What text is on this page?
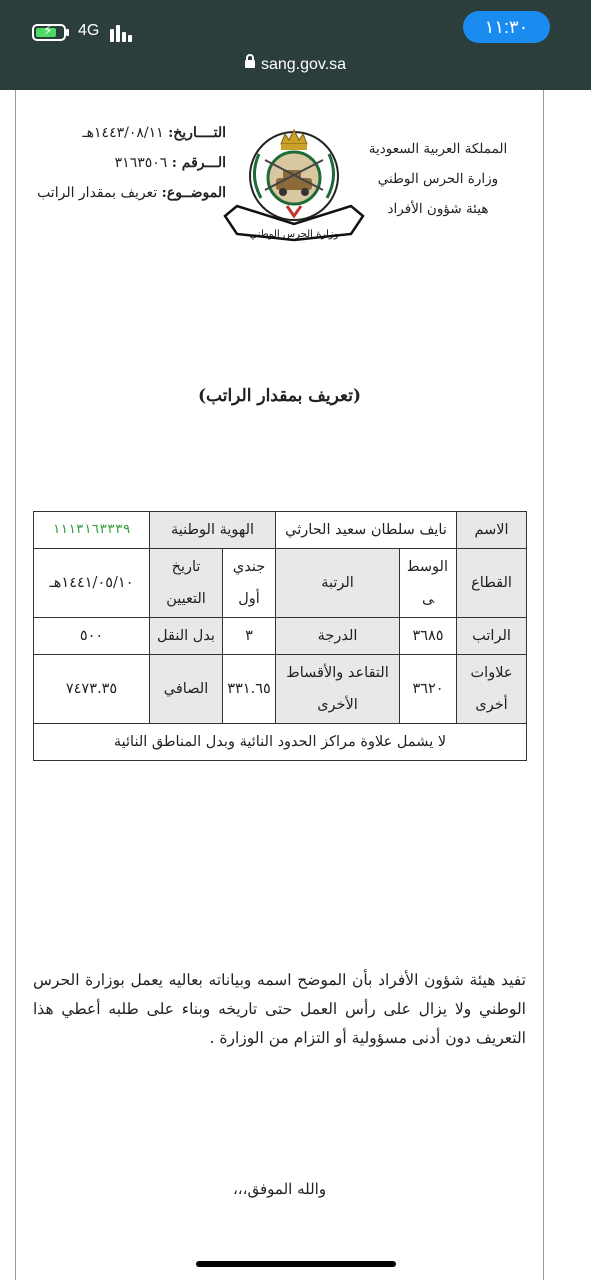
⚡ 4G	١١:٣٠
sang.gov.sa
المملكة العربية السعودية
وزارة الحرس الوطني
هيئة شؤون الأفراد
وزارة الحرس الوطني
التــــاريخ: ١٤٤٣/٠٨/١١هـ
الـــرقم : ٣١٦٣٥٠٦
الموضــوع: تعريف بمقدار الراتب
(تعريف بمقدار الراتب)
الاسم	نايف سلطان سعيد الحارثي		الهوية الوطنية		١١١٣١٦٣٣٣٩
القطاع	الوسطى	الرتبة	جندي أول	تاريخ التعيين	١٤٤١/٠٥/١٠هـ
الراتب	٣٦٨٥	الدرجة	٣	بدل النقل	٥٠٠
علاوات أخرى	٣٦٢٠	التقاعد والأقساط الأخرى	٣٣١.٦٥	الصافي	٧٤٧٣.٣٥
لا يشمل علاوة مراكز الحدود النائية وبدل المناطق النائية					
تفيد هيئة شؤون الأفراد بأن الموضح اسمه وبياناته بعاليه يعمل بوزارة الحرس الوطني ولا يزال على رأس العمل حتى تاريخه وبناء على طلبه أعطي هذا التعريف دون أدنى مسؤولية أو التزام من الوزارة .
والله الموفق،،،
